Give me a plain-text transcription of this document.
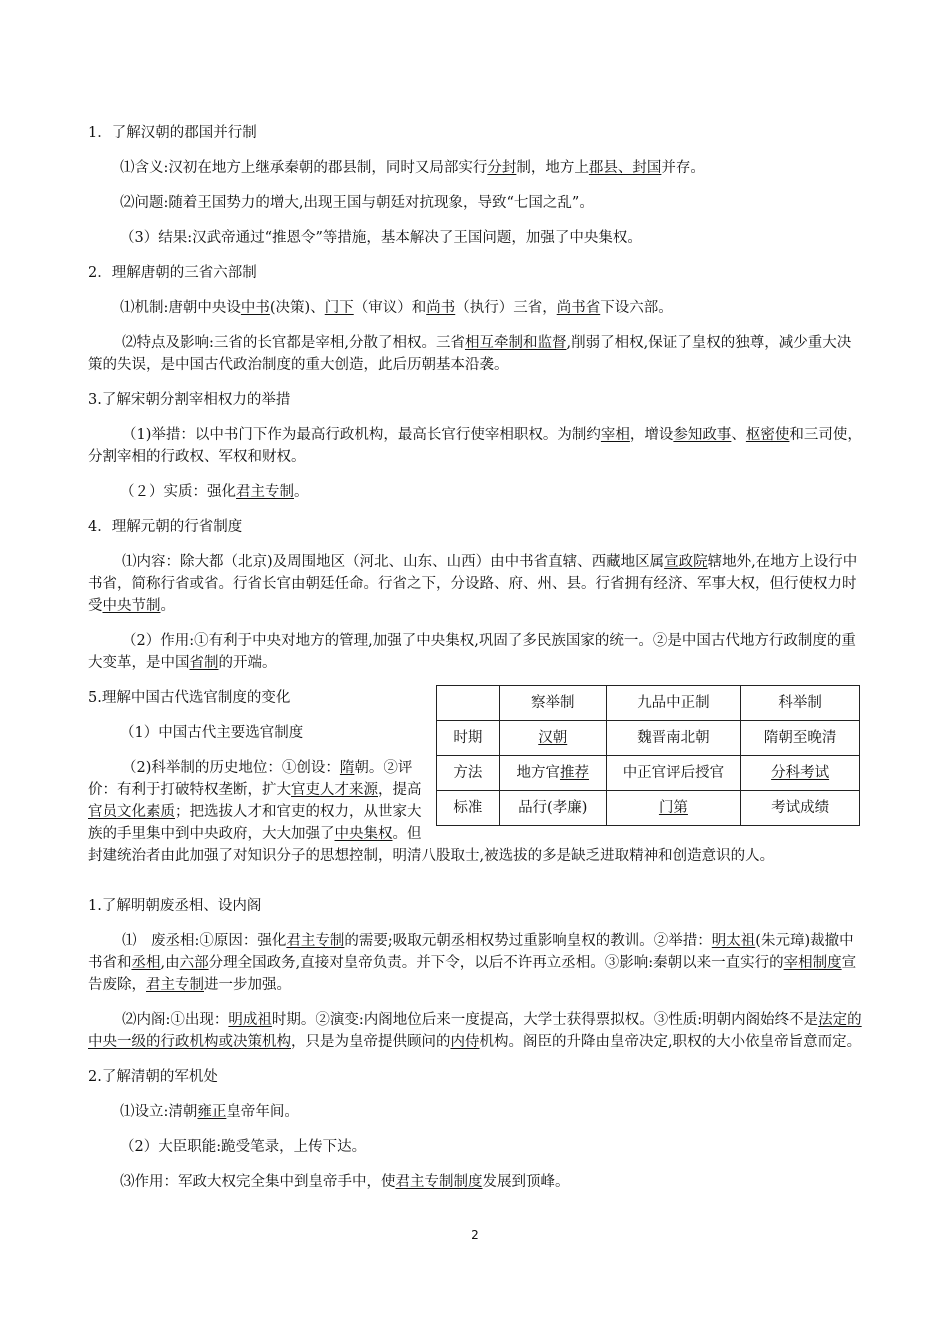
1．了解汉朝的郡国并行制

⑴含义:汉初在地方上继承秦朝的郡县制，同时又局部实行分封制，地方上郡县、封国并存。

⑵问题:随着王国势力的增大,出现王国与朝廷对抗现象，导致“七国之乱”。

（3）结果:汉武帝通过“推恩令”等措施，基本解决了王国问题，加强了中央集权。

2．理解唐朝的三省六部制

⑴机制:唐朝中央设中书(决策)、门下（审议）和尚书（执行）三省，尚书省下设六部。

⑵特点及影响:三省的长官都是宰相,分散了相权。三省相互牵制和监督,削弱了相权,保证了皇权的独尊，减少重大决策的失误，是中国古代政治制度的重大创造，此后历朝基本沿袭。

3.了解宋朝分割宰相权力的举措

（1)举措：以中书门下作为最高行政机构，最高长官行使宰相职权。为制约宰相，增设参知政事、枢密使和三司使，分割宰相的行政权、军权和财权。

（２）实质：强化君主专制。

4．理解元朝的行省制度

⑴内容：除大都（北京)及周围地区（河北、山东、山西）由中书省直辖、西藏地区属宣政院辖地外,在地方上设行中书省，简称行省或省。行省长官由朝廷任命。行省之下，分设路、府、州、县。行省拥有经济、军事大权，但行使权力时受中央节制。

（2）作用:①有利于中央对地方的管理,加强了中央集权,巩固了多民族国家的统一。②是中国古代地方行政制度的重大变革，是中国省制的开端。

	察举制	九品中正制	科举制
时期	汉朝	魏晋南北朝	隋朝至晚清
方法	地方官推荐	中正官评后授官	分科考试
标准	品行(孝廉)	门第	考试成绩

5.理解中国古代选官制度的变化

（1）中国古代主要选官制度

（2)科举制的历史地位：①创设：隋朝。②评价：有利于打破特权垄断，扩大官吏人才来源，提高官员文化素质；把选拔人才和官吏的权力，从世家大族的手里集中到中央政府，大大加强了中央集权。但封建统治者由此加强了对知识分子的思想控制，明清八股取士,被选拔的多是缺乏进取精神和创造意识的人。

1.了解明朝废丞相、设内阁

⑴　废丞相:①原因：强化君主专制的需要;吸取元朝丞相权势过重影响皇权的教训。②举措：明太祖(朱元璋)裁撤中书省和丞相,由六部分理全国政务,直接对皇帝负责。并下令，以后不许再立丞相。③影响:秦朝以来一直实行的宰相制度宣告废除，君主专制进一步加强。

⑵内阁:①出现：明成祖时期。②演变:内阁地位后来一度提高，大学士获得票拟权。③性质:明朝内阁始终不是法定的中央一级的行政机构或决策机构，只是为皇帝提供顾问的内侍机构。阁臣的升降由皇帝决定,职权的大小依皇帝旨意而定。

2.了解清朝的军机处

⑴设立:清朝雍正皇帝年间。

（2）大臣职能:跪受笔录，上传下达。

⑶作用：军政大权完全集中到皇帝手中，使君主专制制度发展到顶峰。

2
